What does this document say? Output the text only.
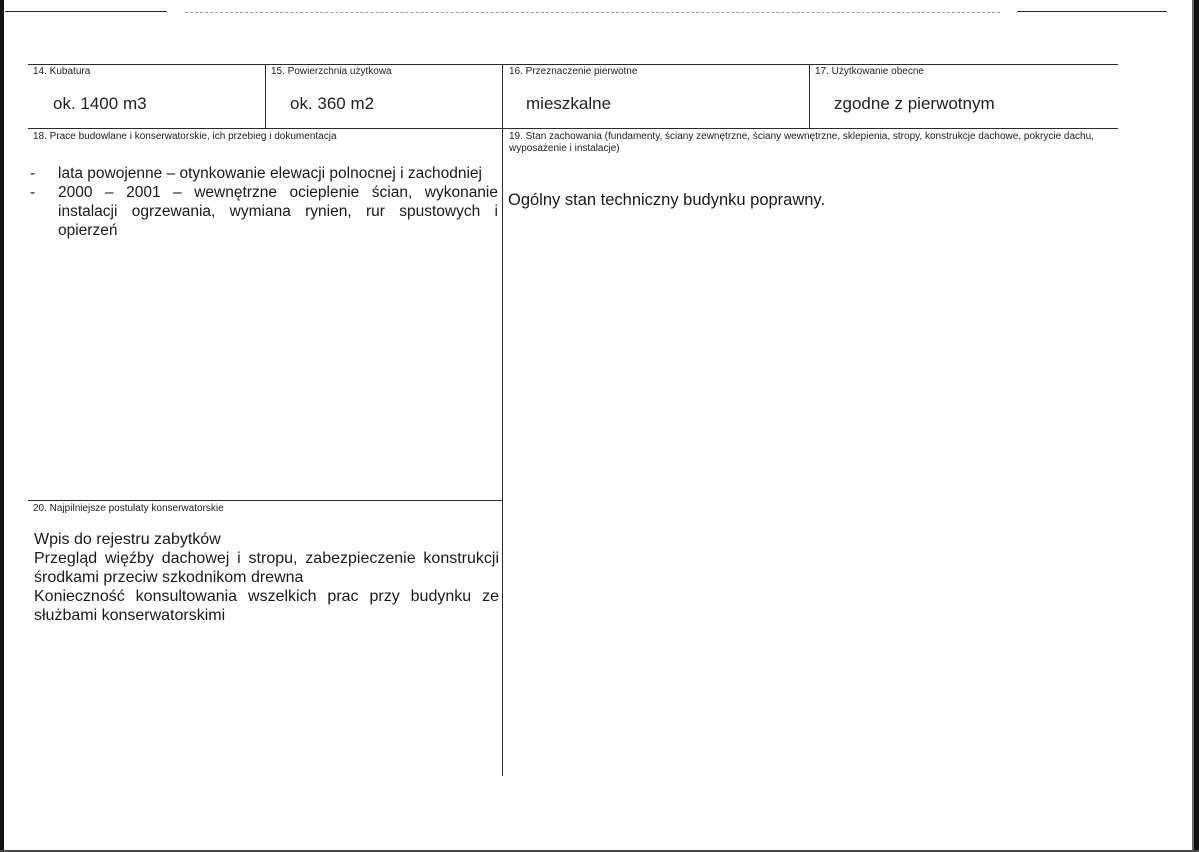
14. Kubatura
ok. 1400 m3
15. Powierzchnia użytkowa
ok. 360 m2
16. Przeznaczenie pierwotne
mieszkalne
17. Użytkowanie obecne
zgodne z pierwotnym
18. Prace budowlane i konserwatorskie, ich przebieg i dokumentacja
- lata powojenne – otynkowanie elewacji polnocnej i zachodniej
- 2000 – 2001 – wewnętrzne ocieplenie ścian, wykonanie instalacji ogrzewania, wymiana rynien, rur spustowych i opierzeń
19. Stan zachowania (fundamenty, ściany zewnętrzne, ściany wewnętrzne, sklepienia, stropy, konstrukcje dachowe, pokrycie dachu, wyposażenie i instalacje)
Ogólny stan techniczny budynku poprawny.
20. Najpilniejsze postulaty konserwatorskie
Wpis do rejestru zabytków
Przegląd więźby dachowej i stropu, zabezpieczenie konstrukcji środkami przeciw szkodnikom drewna
Konieczność konsultowania wszelkich prac przy budynku ze służbami konserwatorskimi
